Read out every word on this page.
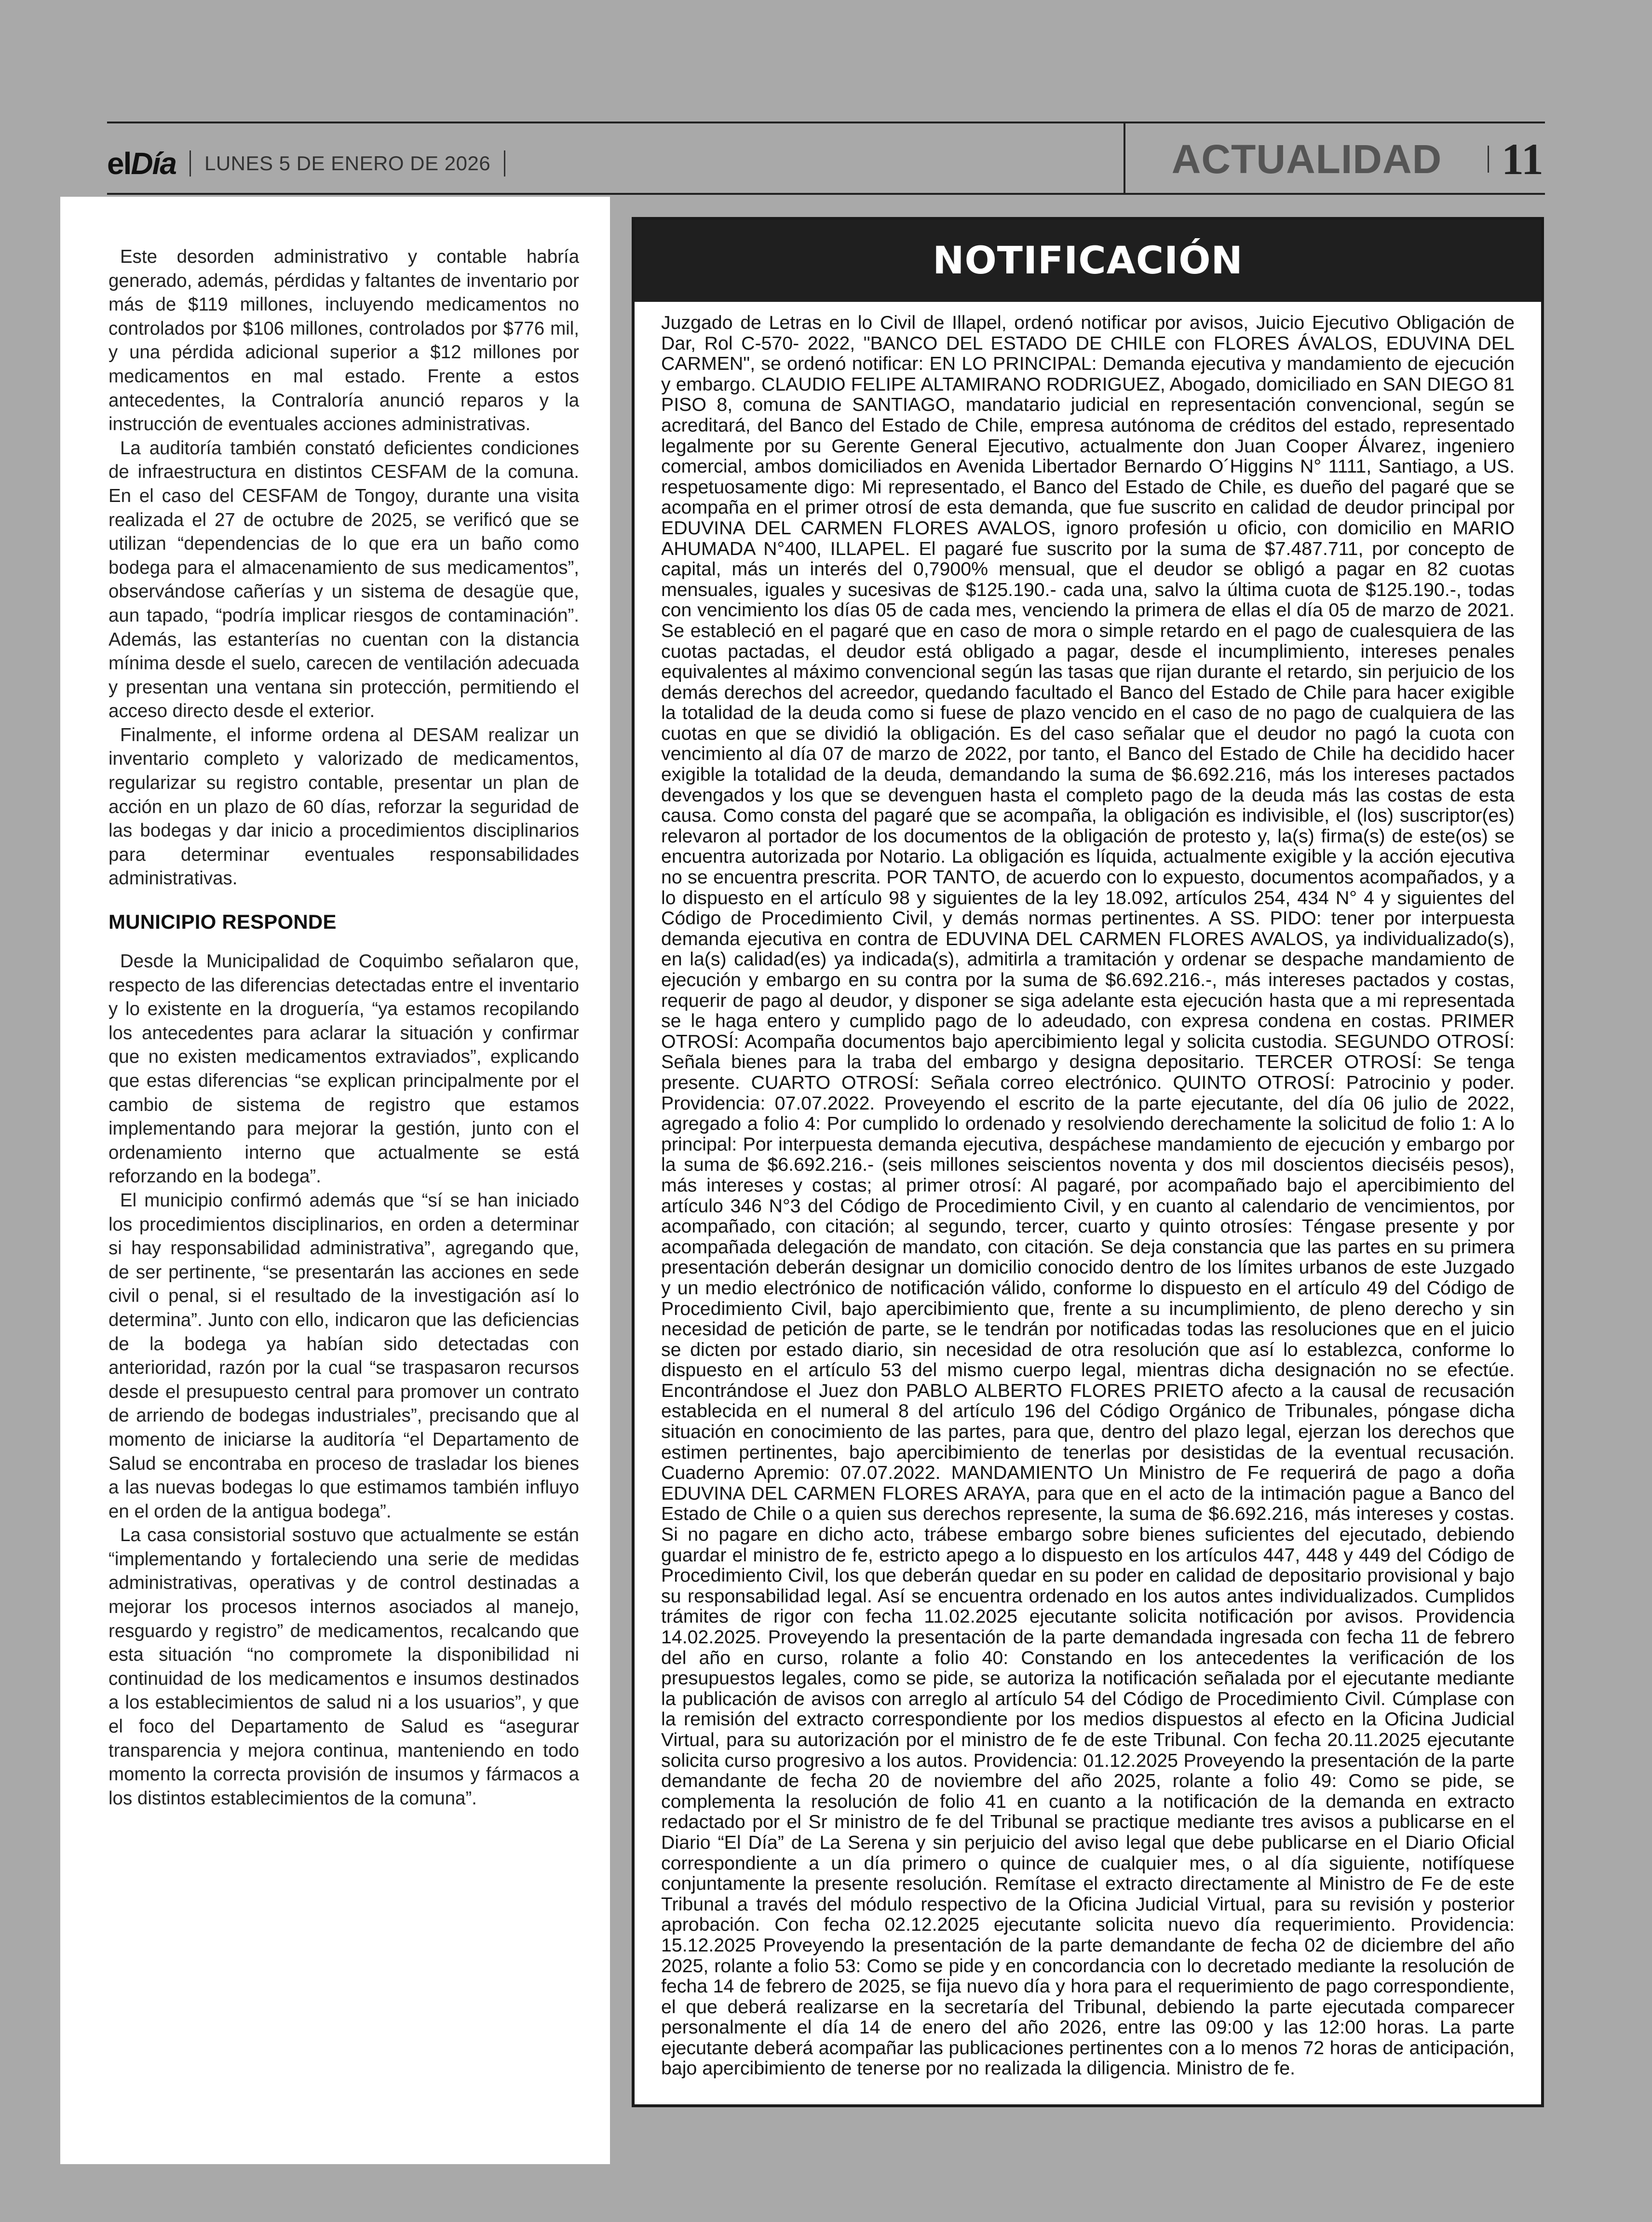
elDía LUNES 5 DE ENERO DE 2026	ACTUALIDAD 11

Este desorden administrativo y contable habría generado, además, pérdidas y faltantes de inventario por más de $119 millones, incluyendo medicamentos no controlados por $106 millones, controlados por $776 mil, y una pérdida adicional superior a $12 millones por medicamentos en mal estado. Frente a estos antecedentes, la Contraloría anunció reparos y la instrucción de eventuales acciones administrativas.

La auditoría también constató deficientes condiciones de infraestructura en distintos CESFAM de la comuna. En el caso del CESFAM de Tongoy, durante una visita realizada el 27 de octubre de 2025, se verificó que se utilizan “dependencias de lo que era un baño como bodega para el almacenamiento de sus medicamentos”, observándose cañerías y un sistema de desagüe que, aun tapado, “podría implicar riesgos de contaminación”. Además, las estanterías no cuentan con la distancia mínima desde el suelo, carecen de ventilación adecuada y presentan una ventana sin protección, permitiendo el acceso directo desde el exterior.

Finalmente, el informe ordena al DESAM realizar un inventario completo y valorizado de medicamentos, regularizar su registro contable, presentar un plan de acción en un plazo de 60 días, reforzar la seguridad de las bodegas y dar inicio a procedimientos disciplinarios para determinar eventuales responsabilidades administrativas.

MUNICIPIO RESPONDE

Desde la Municipalidad de Coquimbo señalaron que, respecto de las diferencias detectadas entre el inventario y lo existente en la droguería, “ya estamos recopilando los antecedentes para aclarar la situación y confirmar que no existen medicamentos extraviados”, explicando que estas diferencias “se explican principalmente por el cambio de sistema de registro que estamos implementando para mejorar la gestión, junto con el ordenamiento interno que actualmente se está reforzando en la bodega”.

El municipio confirmó además que “sí se han iniciado los procedimientos disciplinarios, en orden a determinar si hay responsabilidad administrativa”, agregando que, de ser pertinente, “se presentarán las acciones en sede civil o penal, si el resultado de la investigación así lo determina”. Junto con ello, indicaron que las deficiencias de la bodega ya habían sido detectadas con anterioridad, razón por la cual “se traspasaron recursos desde el presupuesto central para promover un contrato de arriendo de bodegas industriales”, precisando que al momento de iniciarse la auditoría “el Departamento de Salud se encontraba en proceso de trasladar los bienes a las nuevas bodegas lo que estimamos también influyo en el orden de la antigua bodega”.

La casa consistorial sostuvo que actualmente se están “implementando y fortaleciendo una serie de medidas administrativas, operativas y de control destinadas a mejorar los procesos internos asociados al manejo, resguardo y registro” de medicamentos, recalcando que esta situación “no compromete la disponibilidad ni continuidad de los medicamentos e insumos destinados a los establecimientos de salud ni a los usuarios”, y que el foco del Departamento de Salud es “asegurar transparencia y mejora continua, manteniendo en todo momento la correcta provisión de insumos y fármacos a los distintos establecimientos de la comuna”.

NOTIFICACIÓN

Juzgado de Letras en lo Civil de Illapel, ordenó notificar por avisos, Juicio Ejecutivo Obligación de Dar, Rol C-570- 2022, "BANCO DEL ESTADO DE CHILE con FLORES ÁVALOS, EDUVINA DEL CARMEN", se ordenó notificar: EN LO PRINCIPAL: Demanda ejecutiva y mandamiento de ejecución y embargo. CLAUDIO FELIPE ALTAMIRANO RODRIGUEZ, Abogado, domiciliado en SAN DIEGO 81 PISO 8, comuna de SANTIAGO, mandatario judicial en representación convencional, según se acreditará, del Banco del Estado de Chile, empresa autónoma de créditos del estado, representado legalmente por su Gerente General Ejecutivo, actualmente don Juan Cooper Álvarez, ingeniero comercial, ambos domiciliados en Avenida Libertador Bernardo O´Higgins N° 1111, Santiago, a US. respetuosamente digo: Mi representado, el Banco del Estado de Chile, es dueño del pagaré que se acompaña en el primer otrosí de esta demanda, que fue suscrito en calidad de deudor principal por EDUVINA DEL CARMEN FLORES AVALOS, ignoro profesión u oficio, con domicilio en MARIO AHUMADA N°400, ILLAPEL. El pagaré fue suscrito por la suma de $7.487.711, por concepto de capital, más un interés del 0,7900% mensual, que el deudor se obligó a pagar en 82 cuotas mensuales, iguales y sucesivas de $125.190.- cada una, salvo la última cuota de $125.190.-, todas con vencimiento los días 05 de cada mes, venciendo la primera de ellas el día 05 de marzo de 2021. Se estableció en el pagaré que en caso de mora o simple retardo en el pago de cualesquiera de las cuotas pactadas, el deudor está obligado a pagar, desde el incumplimiento, intereses penales equivalentes al máximo convencional según las tasas que rijan durante el retardo, sin perjuicio de los demás derechos del acreedor, quedando facultado el Banco del Estado de Chile para hacer exigible la totalidad de la deuda como si fuese de plazo vencido en el caso de no pago de cualquiera de las cuotas en que se dividió la obligación. Es del caso señalar que el deudor no pagó la cuota con vencimiento al día 07 de marzo de 2022, por tanto, el Banco del Estado de Chile ha decidido hacer exigible la totalidad de la deuda, demandando la suma de $6.692.216, más los intereses pactados devengados y los que se devenguen hasta el completo pago de la deuda más las costas de esta causa. Como consta del pagaré que se acompaña, la obligación es indivisible, el (los) suscriptor(es) relevaron al portador de los documentos de la obligación de protesto y, la(s) firma(s) de este(os) se encuentra autorizada por Notario. La obligación es líquida, actualmente exigible y la acción ejecutiva no se encuentra prescrita. POR TANTO, de acuerdo con lo expuesto, documentos acompañados, y a lo dispuesto en el artículo 98 y siguientes de la ley 18.092, artículos 254, 434 N° 4 y siguientes del Código de Procedimiento Civil, y demás normas pertinentes. A SS. PIDO: tener por interpuesta demanda ejecutiva en contra de EDUVINA DEL CARMEN FLORES AVALOS, ya individualizado(s), en la(s) calidad(es) ya indicada(s), admitirla a tramitación y ordenar se despache mandamiento de ejecución y embargo en su contra por la suma de $6.692.216.-, más intereses pactados y costas, requerir de pago al deudor, y disponer se siga adelante esta ejecución hasta que a mi representada se le haga entero y cumplido pago de lo adeudado, con expresa condena en costas. PRIMER OTROSÍ: Acompaña documentos bajo apercibimiento legal y solicita custodia. SEGUNDO OTROSÍ: Señala bienes para la traba del embargo y designa depositario. TERCER OTROSÍ: Se tenga presente. CUARTO OTROSÍ: Señala correo electrónico. QUINTO OTROSÍ: Patrocinio y poder. Providencia: 07.07.2022. Proveyendo el escrito de la parte ejecutante, del día 06 julio de 2022, agregado a folio 4: Por cumplido lo ordenado y resolviendo derechamente la solicitud de folio 1: A lo principal: Por interpuesta demanda ejecutiva, despáchese mandamiento de ejecución y embargo por la suma de $6.692.216.- (seis millones seiscientos noventa y dos mil doscientos dieciséis pesos), más intereses y costas; al primer otrosí: Al pagaré, por acompañado bajo el apercibimiento del artículo 346 N°3 del Código de Procedimiento Civil, y en cuanto al calendario de vencimientos, por acompañado, con citación; al segundo, tercer, cuarto y quinto otrosíes: Téngase presente y por acompañada delegación de mandato, con citación. Se deja constancia que las partes en su primera presentación deberán designar un domicilio conocido dentro de los límites urbanos de este Juzgado y un medio electrónico de notificación válido, conforme lo dispuesto en el artículo 49 del Código de Procedimiento Civil, bajo apercibimiento que, frente a su incumplimiento, de pleno derecho y sin necesidad de petición de parte, se le tendrán por notificadas todas las resoluciones que en el juicio se dicten por estado diario, sin necesidad de otra resolución que así lo establezca, conforme lo dispuesto en el artículo 53 del mismo cuerpo legal, mientras dicha designación no se efectúe. Encontrándose el Juez don PABLO ALBERTO FLORES PRIETO afecto a la causal de recusación establecida en el numeral 8 del artículo 196 del Código Orgánico de Tribunales, póngase dicha situación en conocimiento de las partes, para que, dentro del plazo legal, ejerzan los derechos que estimen pertinentes, bajo apercibimiento de tenerlas por desistidas de la eventual recusación. Cuaderno Apremio: 07.07.2022. MANDAMIENTO Un Ministro de Fe requerirá de pago a doña EDUVINA DEL CARMEN FLORES ARAYA, para que en el acto de la intimación pague a Banco del Estado de Chile o a quien sus derechos represente, la suma de $6.692.216, más intereses y costas. Si no pagare en dicho acto, trábese embargo sobre bienes suficientes del ejecutado, debiendo guardar el ministro de fe, estricto apego a lo dispuesto en los artículos 447, 448 y 449 del Código de Procedimiento Civil, los que deberán quedar en su poder en calidad de depositario provisional y bajo su responsabilidad legal. Así se encuentra ordenado en los autos antes individualizados. Cumplidos trámites de rigor con fecha 11.02.2025 ejecutante solicita notificación por avisos. Providencia 14.02.2025. Proveyendo la presentación de la parte demandada ingresada con fecha 11 de febrero del año en curso, rolante a folio 40: Constando en los antecedentes la verificación de los presupuestos legales, como se pide, se autoriza la notificación señalada por el ejecutante mediante la publicación de avisos con arreglo al artículo 54 del Código de Procedimiento Civil. Cúmplase con la remisión del extracto correspondiente por los medios dispuestos al efecto en la Oficina Judicial Virtual, para su autorización por el ministro de fe de este Tribunal. Con fecha 20.11.2025 ejecutante solicita curso progresivo a los autos. Providencia: 01.12.2025 Proveyendo la presentación de la parte demandante de fecha 20 de noviembre del año 2025, rolante a folio 49: Como se pide, se complementa la resolución de folio 41 en cuanto a la notificación de la demanda en extracto redactado por el Sr ministro de fe del Tribunal se practique mediante tres avisos a publicarse en el Diario “El Día” de La Serena y sin perjuicio del aviso legal que debe publicarse en el Diario Oficial correspondiente a un día primero o quince de cualquier mes, o al día siguiente, notifíquese conjuntamente la presente resolución. Remítase el extracto directamente al Ministro de Fe de este Tribunal a través del módulo respectivo de la Oficina Judicial Virtual, para su revisión y posterior aprobación. Con fecha 02.12.2025 ejecutante solicita nuevo día requerimiento. Providencia: 15.12.2025 Proveyendo la presentación de la parte demandante de fecha 02 de diciembre del año 2025, rolante a folio 53: Como se pide y en concordancia con lo decretado mediante la resolución de fecha 14 de febrero de 2025, se fija nuevo día y hora para el requerimiento de pago correspondiente, el que deberá realizarse en la secretaría del Tribunal, debiendo la parte ejecutada comparecer personalmente el día 14 de enero del año 2026, entre las 09:00 y las 12:00 horas. La parte ejecutante deberá acompañar las publicaciones pertinentes con a lo menos 72 horas de anticipación, bajo apercibimiento de tenerse por no realizada la diligencia. Ministro de fe.
